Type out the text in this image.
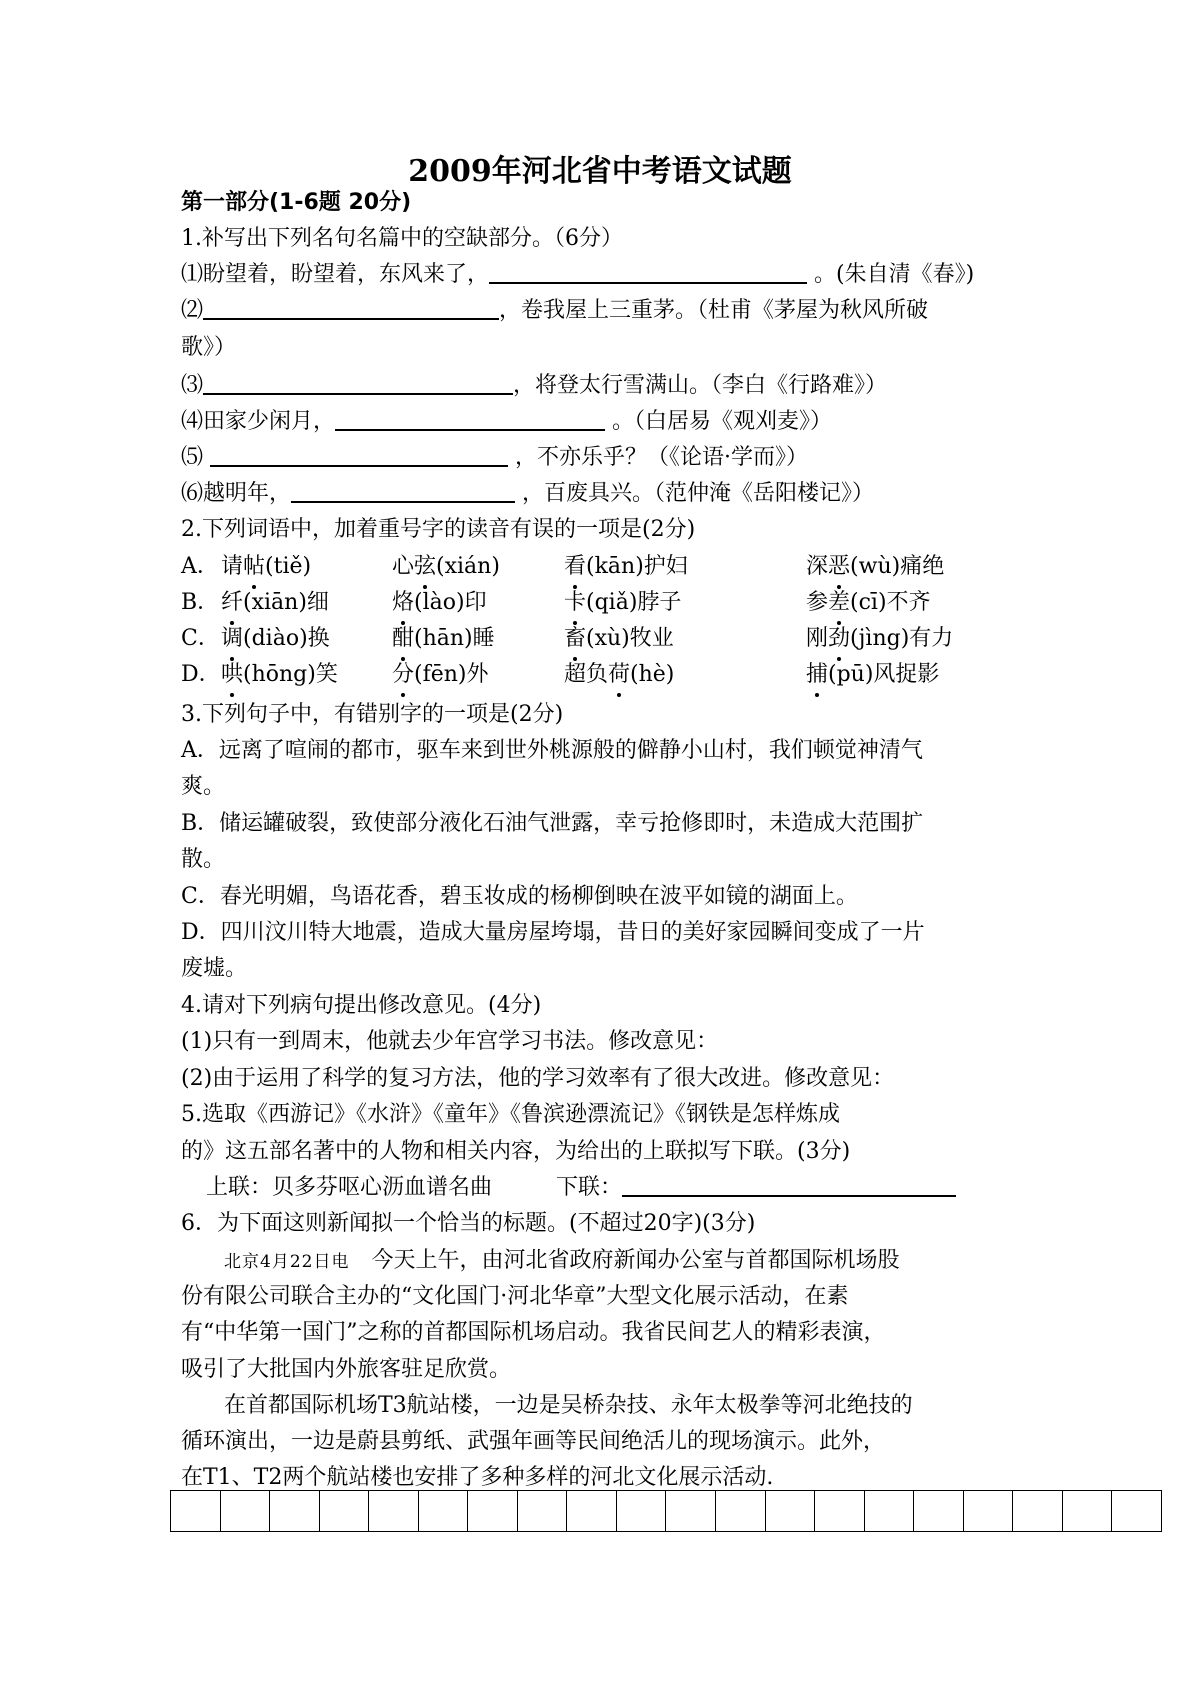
2009年河北省中考语文试题
第一部分(1-6题 20分)
1.补写出下列名句名篇中的空缺部分。（6分）
⑴盼望着，盼望着，东风来了，	。(朱自清《春》)
⑵	，卷我屋上三重茅。（杜甫《茅屋为秋风所破
歌》）
⑶	，将登太行雪满山。（李白《行路难》）
⑷田家少闲月，	。（白居易《观刈麦》）
⑸	，不亦乐乎？（《论语·学而》）
⑹越明年，	，百废具兴。（范仲淹《岳阳楼记》）
2.下列词语中，加着重号字的读音有误的一项是(2分)
A． 请帖(tiě)	心弦(xián)	看(kān)护妇	深恶(wù)痛绝
B． 纤(xiān)细	烙(lào)印	卡(qiǎ)脖子	参差(cī)不齐
C． 调(diào)换	酣(hān)睡	畜(xù)牧业	刚劲(jìng)有力
D． 哄(hōng)笑 分(fēn)外	超负荷(hè)	捕(pū)风捉影
3.下列句子中，有错别字的一项是(2分)
A．远离了喧闹的都市，驱车来到世外桃源般的僻静小山村，我们顿觉神清气
爽。
B．储运罐破裂，致使部分液化石油气泄露，幸亏抢修即时，未造成大范围扩
散。
C．春光明媚，鸟语花香，碧玉妆成的杨柳倒映在波平如镜的湖面上。
D．四川汶川特大地震，造成大量房屋垮塌，昔日的美好家园瞬间变成了一片
废墟。
4.请对下列病句提出修改意见。(4分)
(1)只有一到周末，他就去少年宫学习书法。修改意见：
(2)由于运用了科学的复习方法，他的学习效率有了很大改进。修改意见：
5.选取《西游记》《水浒》《童年》《鲁滨逊漂流记》《钢铁是怎样炼成
的》这五部名著中的人物和相关内容，为给出的上联拟写下联。(3分)
上联：贝多芬呕心沥血谱名曲	下联：
6．为下面这则新闻拟一个恰当的标题。(不超过20字)(3分)
北京4月22日电 今天上午，由河北省政府新闻办公室与首都国际机场股
份有限公司联合主办的“文化国门·河北华章”大型文化展示活动，在素
有“中华第一国门”之称的首都国际机场启动。我省民间艺人的精彩表演，
吸引了大批国内外旅客驻足欣赏。
在首都国际机场T3航站楼，一边是吴桥杂技、永年太极拳等河北绝技的
循环演出，一边是蔚县剪纸、武强年画等民间绝活儿的现场演示。此外，
在T1、T2两个航站楼也安排了多种多样的河北文化展示活动.
